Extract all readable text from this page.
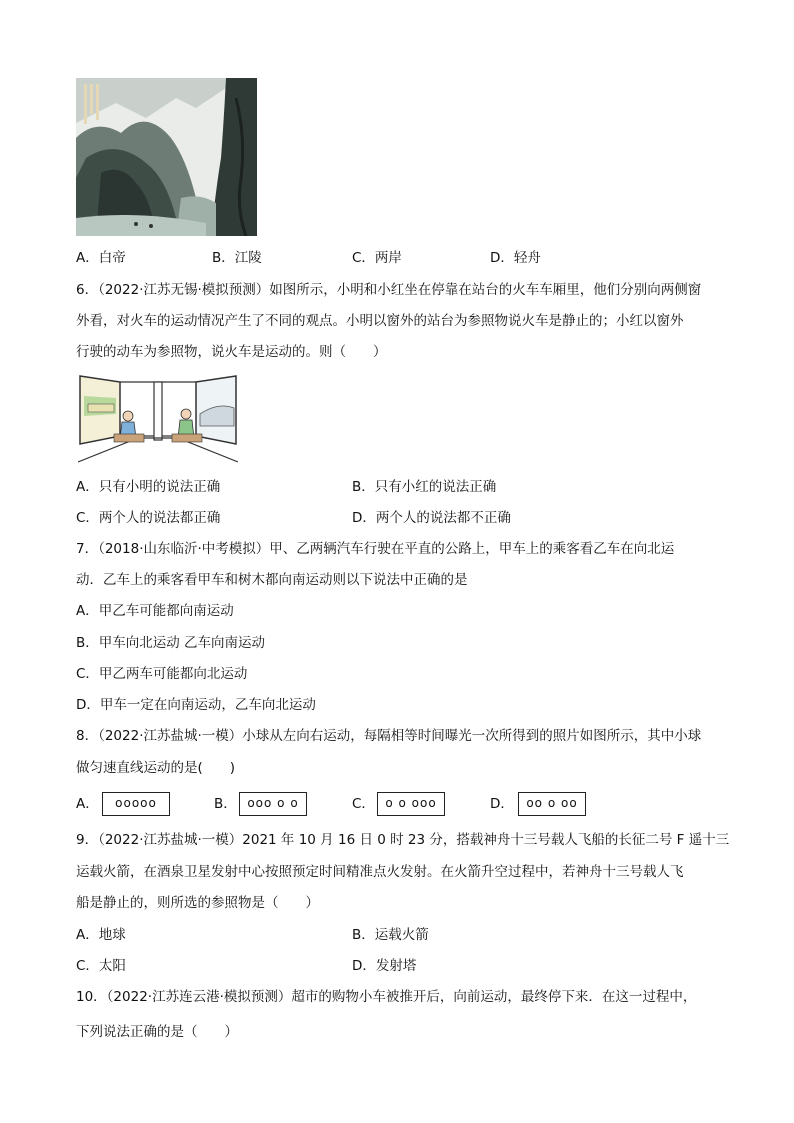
A．白帝	B．江陵	C．两岸	D．轻舟
6．（2022·江苏无锡·模拟预测）如图所示，小明和小红坐在停靠在站台的火车车厢里，他们分别向两侧窗
外看，对火车的运动情况产生了不同的观点。小明以窗外的站台为参照物说火车是静止的；小红以窗外
行驶的动车为参照物，说火车是运动的。则（　　）
A．只有小明的说法正确	B．只有小红的说法正确
C．两个人的说法都正确	D．两个人的说法都不正确
7．（2018·山东临沂·中考模拟）甲、乙两辆汽车行驶在平直的公路上，甲车上的乘客看乙车在向北运
动．乙车上的乘客看甲车和树木都向南运动则以下说法中正确的是
A．甲乙车可能都向南运动
B．甲车向北运动 乙车向南运动
C．甲乙两车可能都向北运动
D．甲车一定在向南运动，乙车向北运动
8．（2022·江苏盐城·一模）小球从左向右运动，每隔相等时间曝光一次所得到的照片如图所示，其中小球
做匀速直线运动的是(　　)
A．	ooooo	B． ooo o o	C． o o ooo	D．	oo o oo
9．（2022·江苏盐城·一模）2021 年 10 月 16 日 0 时 23 分，搭载神舟十三号载人飞船的长征二号 F 遥十三
运载火箭，在酒泉卫星发射中心按照预定时间精准点火发射。在火箭升空过程中，若神舟十三号载人飞
船是静止的，则所选的参照物是（　　）
A．地球	B．运载火箭
C．太阳	D．发射塔
10．（2022·江苏连云港·模拟预测）超市的购物小车被推开后，向前运动，最终停下来．在这一过程中，
下列说法正确的是（　　）
